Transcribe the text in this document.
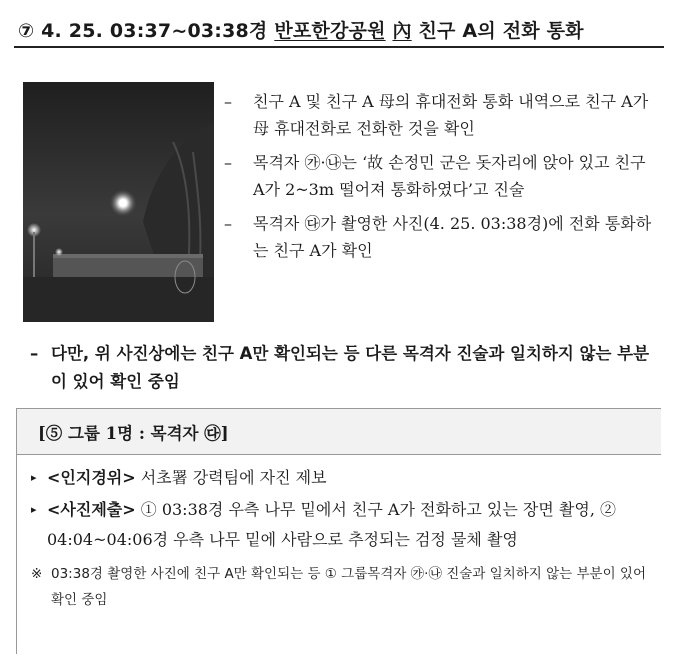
⑦ 4. 25. 03:37~03:38경 반포한강공원 內 친구 A의 전화 통화
– 친구 A 및 친구 A 母의 휴대전화 통화 내역으로 친구 A가 母 휴대전화로 전화한 것을 확인
– 목격자 ㉮·㉯는 ‘故 손정민 군은 돗자리에 앉아 있고 친구 A가 2~3m 떨어져 통화하였다’고 진술
– 목격자 ㉰가 촬영한 사진(4. 25. 03:38경)에 전화 통화하는 친구 A가 확인
– 다만, 위 사진상에는 친구 A만 확인되는 등 다른 목격자 진술과 일치하지 않는 부분이 있어 확인 중임
[⑤ 그룹 1명 : 목격자 ㉰]
▸ <인지경위> 서초署 강력팀에 자진 제보
▸ <사진제출> ① 03:38경 우측 나무 밑에서 친구 A가 전화하고 있는 장면 촬영, ② 04:04~04:06경 우측 나무 밑에 사람으로 추정되는 검정 물체 촬영
※ 03:38경 촬영한 사진에 친구 A만 확인되는 등 ① 그룹목격자 ㉮·㉯ 진술과 일치하지 않는 부분이 있어 확인 중임
